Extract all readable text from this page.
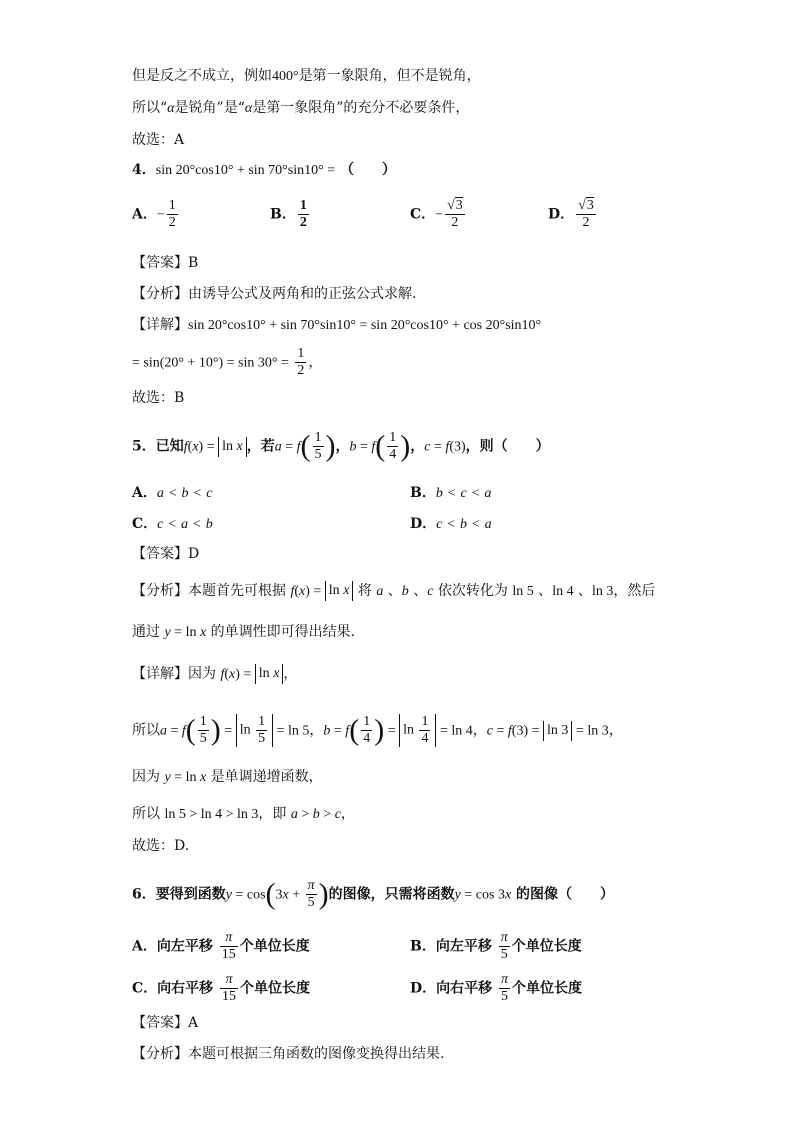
但是反之不成立，例如400°是第一象限角，但不是锐角，
所以“α是锐角”是“α是第一象限角”的充分不必要条件，
故选：A
4．sin 20°cos10° + sin 70°sin10° = （　　）
A．− $\frac{1}{2}$	B． $\frac{1}{2}$	C．− $\frac{√3}{2}$	D． $\frac{√3}{2}$
【答案】B
【分析】由诱导公式及两角和的正弦公式求解.
【详解】sin 20°cos10° + sin 70°sin10° = sin 20°cos10° + cos 20°sin10°
= $\sin(20^\circ + 10^\circ) = \sin 30^\circ = \frac{1}{2}$ ，
故选：B
5．已知f(x) = ln x ，若$a = f( \frac{1}{5}$ )，$b = f( \frac{1}{4}$ )，c = f(3)，则（　　）
A．a < b < c	B．b < c < a
C．c < a < b	D．c < b < a
【答案】D
【分析】本题首先可根据 f(x) = ln x 将 a 、b 、c 依次转化为 ln 5 、ln 4 、ln 3，然后
通过 y = ln x 的单调性即可得出结果.
【详解】因为 f(x) = ln x ，
所以$a = f( \frac{1}{5}$ ) = $\ln \frac{1}{5} = \ln 5$，$b = f( \frac{1}{4}$ ) = $\ln \frac{1}{4} = \ln 4$，c = f(3) = ln 3 = ln 3，
因为 y = ln x 是单调递增函数，
所以 ln 5 > ln 4 > ln 3，即 a > b > c，
故选：D.
6．要得到函数$y = \cos(3x + \frac{\pi}{5}$ )的图像，只需将函数y = cos 3x 的图像（　　）
A．向左平移 $\frac{\pi}{15}$ 个单位长度	B．向左平移 $\frac{\pi}{5}$ 个单位长度
C．向右平移 $\frac{\pi}{15}$ 个单位长度	D．向右平移 $\frac{\pi}{5}$ 个单位长度
【答案】A
【分析】本题可根据三角函数的图像变换得出结果.
